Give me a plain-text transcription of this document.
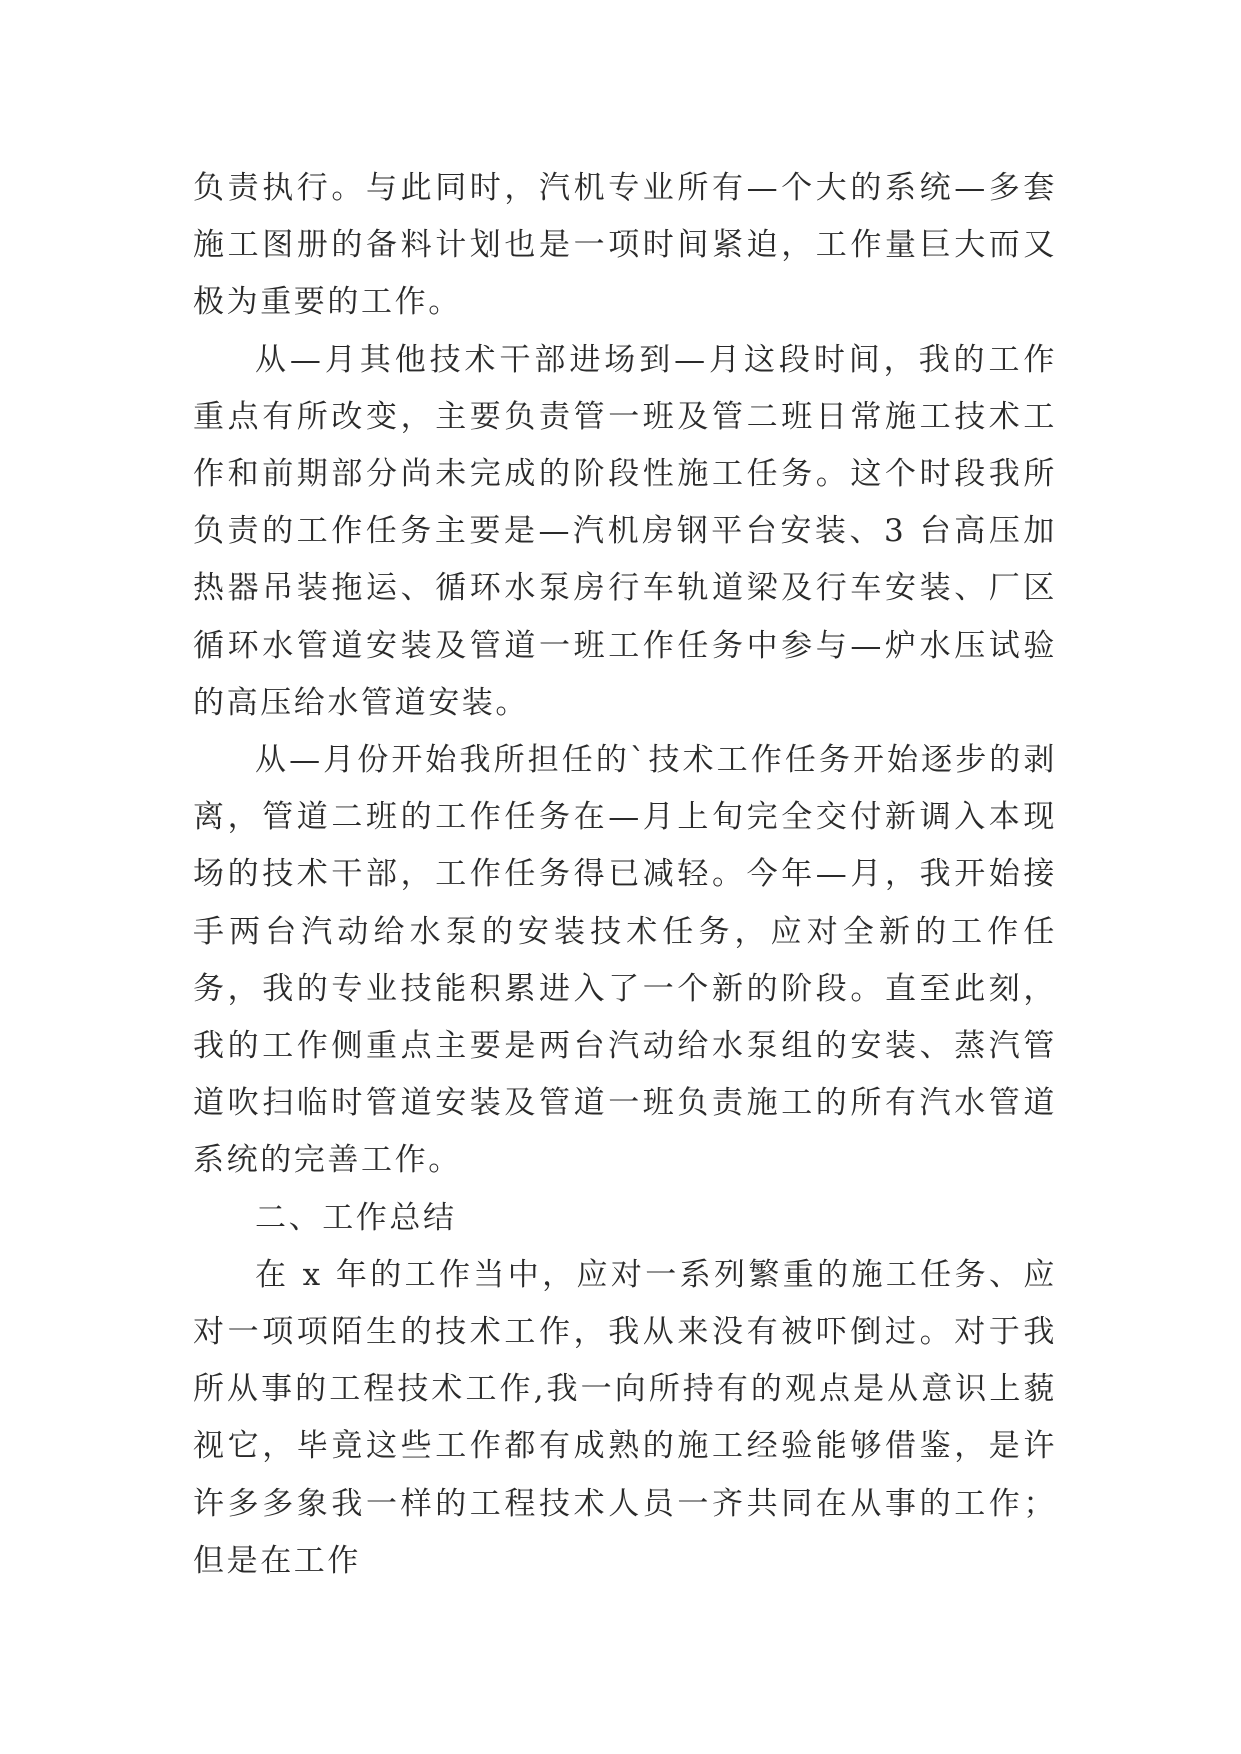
负责执行。与此同时，汽机专业所有—个大的系统—多套施工图册的备料计划也是一项时间紧迫，工作量巨大而又极为重要的工作。

从—月其他技术干部进场到—月这段时间，我的工作重点有所改变，主要负责管一班及管二班日常施工技术工作和前期部分尚未完成的阶段性施工任务。这个时段我所负责的工作任务主要是—汽机房钢平台安装、3 台高压加热器吊装拖运、循环水泵房行车轨道梁及行车安装、厂区循环水管道安装及管道一班工作任务中参与—炉水压试验的高压给水管道安装。

从—月份开始我所担任的`技术工作任务开始逐步的剥离，管道二班的工作任务在—月上旬完全交付新调入本现场的技术干部，工作任务得已减轻。今年—月，我开始接手两台汽动给水泵的安装技术任务，应对全新的工作任务，我的专业技能积累进入了一个新的阶段。直至此刻，我的工作侧重点主要是两台汽动给水泵组的安装、蒸汽管道吹扫临时管道安装及管道一班负责施工的所有汽水管道系统的完善工作。

二、工作总结

在 x 年的工作当中，应对一系列繁重的施工任务、应对一项项陌生的技术工作，我从来没有被吓倒过。对于我所从事的工程技术工作,我一向所持有的观点是从意识上藐视它，毕竟这些工作都有成熟的施工经验能够借鉴，是许许多多象我一样的工程技术人员一齐共同在从事的工作；但是在工作
